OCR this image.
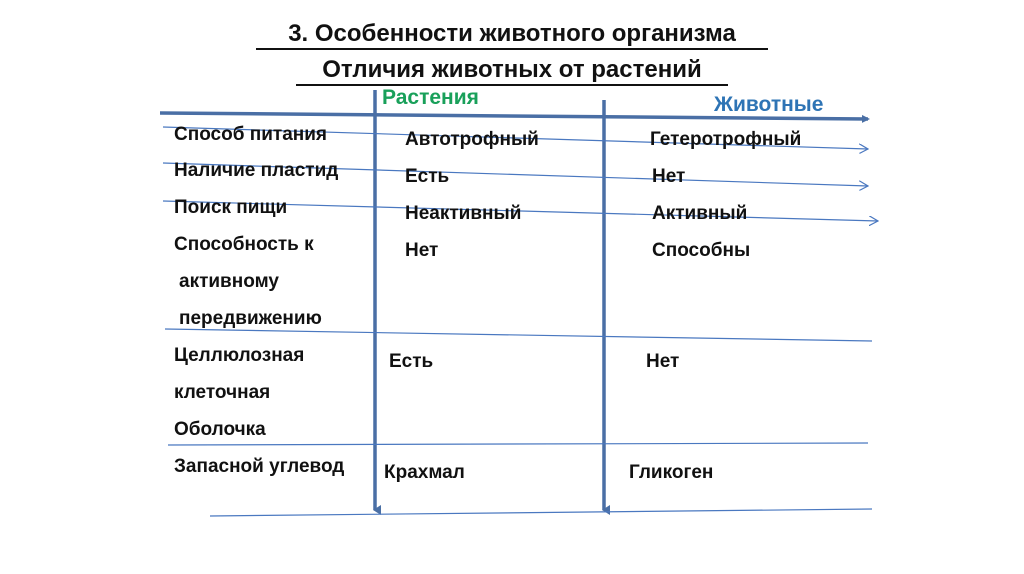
3. Особенности животного организма
Отличия животных от растений
Растения	Животные
Способ питания
Наличие пластид
Поиск пищи
Способность к
активному
передвижению
Целлюлозная
клеточная
Оболочка
Запасной углевод
Автотрофный
Есть
Неактивный
Нет
Есть
Крахмал
Гетеротрофный
Нет
Активный
Способны
Нет
Гликоген
